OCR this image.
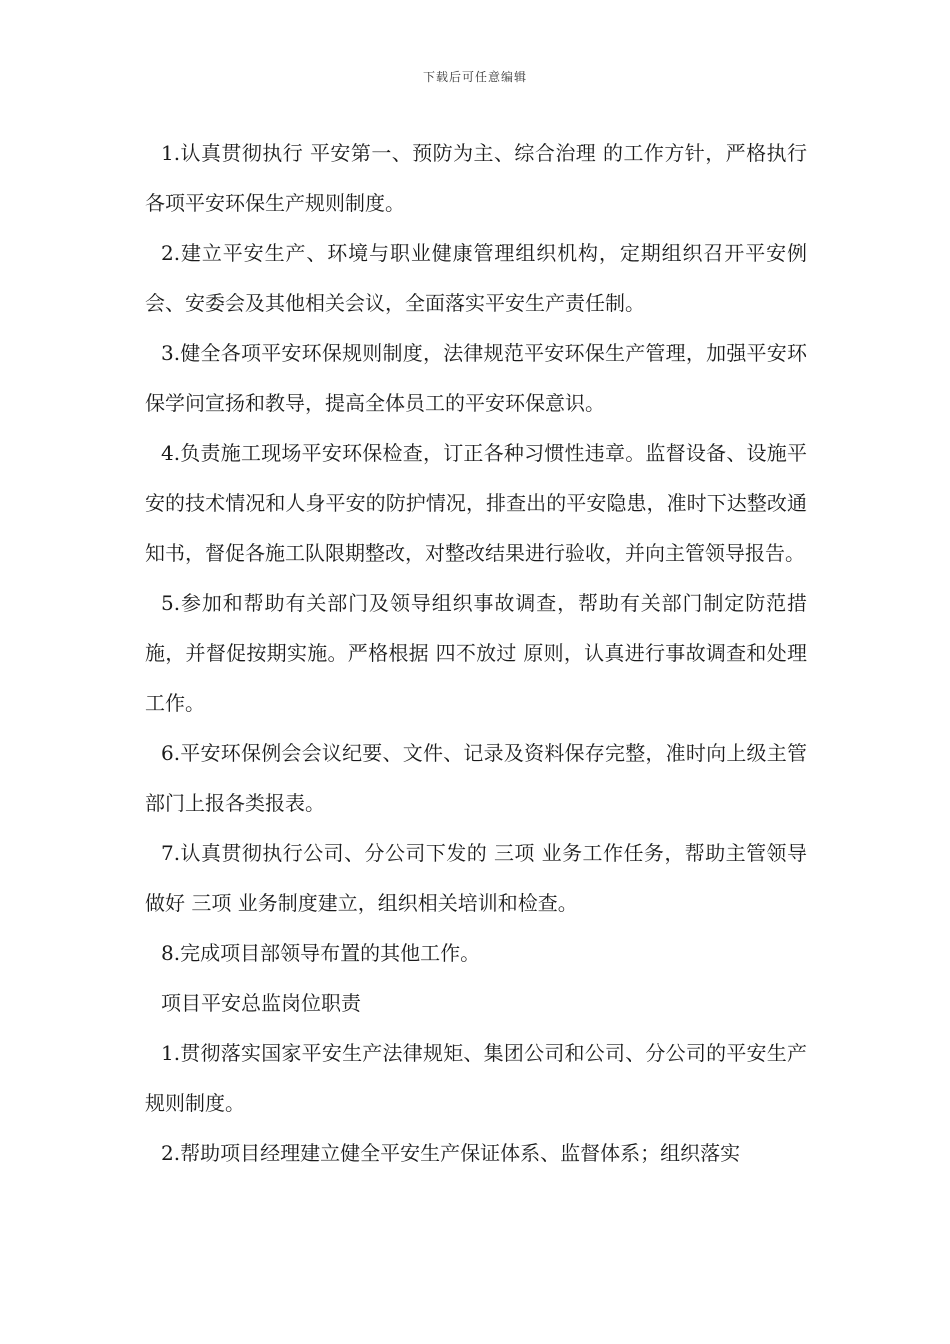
下载后可任意编辑

1.认真贯彻执行 平安第一、预防为主、综合治理 的工作方针，严格执行各项平安环保生产规则制度。

2.建立平安生产、环境与职业健康管理组织机构，定期组织召开平安例会、安委会及其他相关会议，全面落实平安生产责任制。

3.健全各项平安环保规则制度，法律规范平安环保生产管理，加强平安环保学问宣扬和教导，提高全体员工的平安环保意识。

4.负责施工现场平安环保检查，订正各种习惯性违章。监督设备、设施平安的技术情况和人身平安的防护情况，排查出的平安隐患，准时下达整改通知书，督促各施工队限期整改，对整改结果进行验收，并向主管领导报告。

5.参加和帮助有关部门及领导组织事故调查，帮助有关部门制定防范措施，并督促按期实施。严格根据 四不放过 原则，认真进行事故调查和处理工作。

6.平安环保例会会议纪要、文件、记录及资料保存完整，准时向上级主管部门上报各类报表。

7.认真贯彻执行公司、分公司下发的 三项 业务工作任务，帮助主管领导做好 三项 业务制度建立，组织相关培训和检查。

8.完成项目部领导布置的其他工作。

项目平安总监岗位职责

1.贯彻落实国家平安生产法律规矩、集团公司和公司、分公司的平安生产规则制度。

2.帮助项目经理建立健全平安生产保证体系、监督体系；组织落实
